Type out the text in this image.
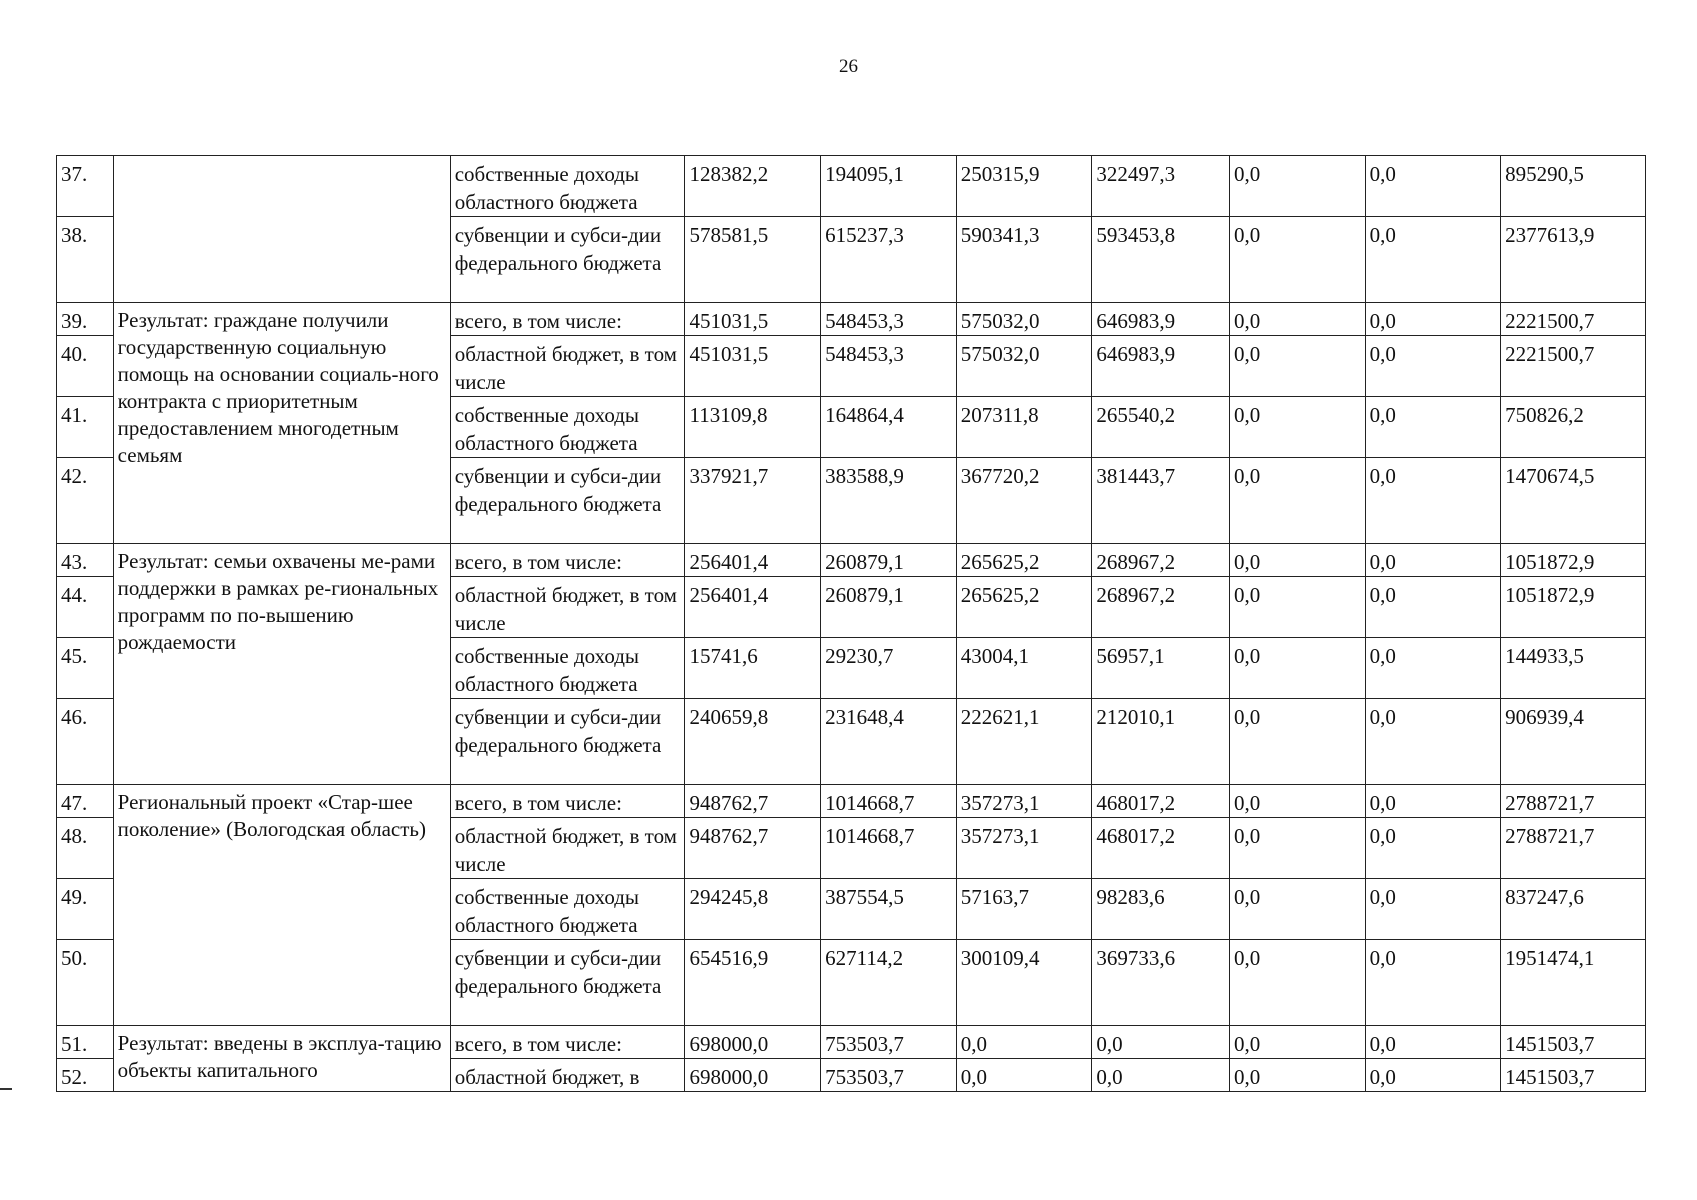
26
37.		собственные доходы областного бюджета	128382,2	194095,1	250315,9	322497,3	0,0	0,0	895290,5
38.		субвенции и субси-дии федерального бюджета	578581,5	615237,3	590341,3	593453,8	0,0	0,0	2377613,9
39.	Результат: граждане получили государственную социальную помощь на основании социаль-ного контракта с приоритетным предоставлением многодетным семьям	всего, в том числе:	451031,5	548453,3	575032,0	646983,9	0,0	0,0	2221500,7
40.		областной бюджет, в том числе	451031,5	548453,3	575032,0	646983,9	0,0	0,0	2221500,7
41.		собственные доходы областного бюджета	113109,8	164864,4	207311,8	265540,2	0,0	0,0	750826,2
42.		субвенции и субси-дии федерального бюджета	337921,7	383588,9	367720,2	381443,7	0,0	0,0	1470674,5
43.	Результат: семьи охвачены ме-рами поддержки в рамках ре-гиональных программ по по-вышению рождаемости	всего, в том числе:	256401,4	260879,1	265625,2	268967,2	0,0	0,0	1051872,9
44.		областной бюджет, в том числе	256401,4	260879,1	265625,2	268967,2	0,0	0,0	1051872,9
45.		собственные доходы областного бюджета	15741,6	29230,7	43004,1	56957,1	0,0	0,0	144933,5
46.		субвенции и субси-дии федерального бюджета	240659,8	231648,4	222621,1	212010,1	0,0	0,0	906939,4
47.	Региональный проект «Стар-шее поколение» (Вологодская область)	всего, в том числе:	948762,7	1014668,7	357273,1	468017,2	0,0	0,0	2788721,7
48.		областной бюджет, в том числе	948762,7	1014668,7	357273,1	468017,2	0,0	0,0	2788721,7
49.		собственные доходы областного бюджета	294245,8	387554,5	57163,7	98283,6	0,0	0,0	837247,6
50.		субвенции и субси-дии федерального бюджета	654516,9	627114,2	300109,4	369733,6	0,0	0,0	1951474,1
51.	Результат: введены в эксплуа-тацию объекты капитального	всего, в том числе:	698000,0	753503,7	0,0	0,0	0,0	0,0	1451503,7
52.		областной бюджет, в	698000,0	753503,7	0,0	0,0	0,0	0,0	1451503,7
